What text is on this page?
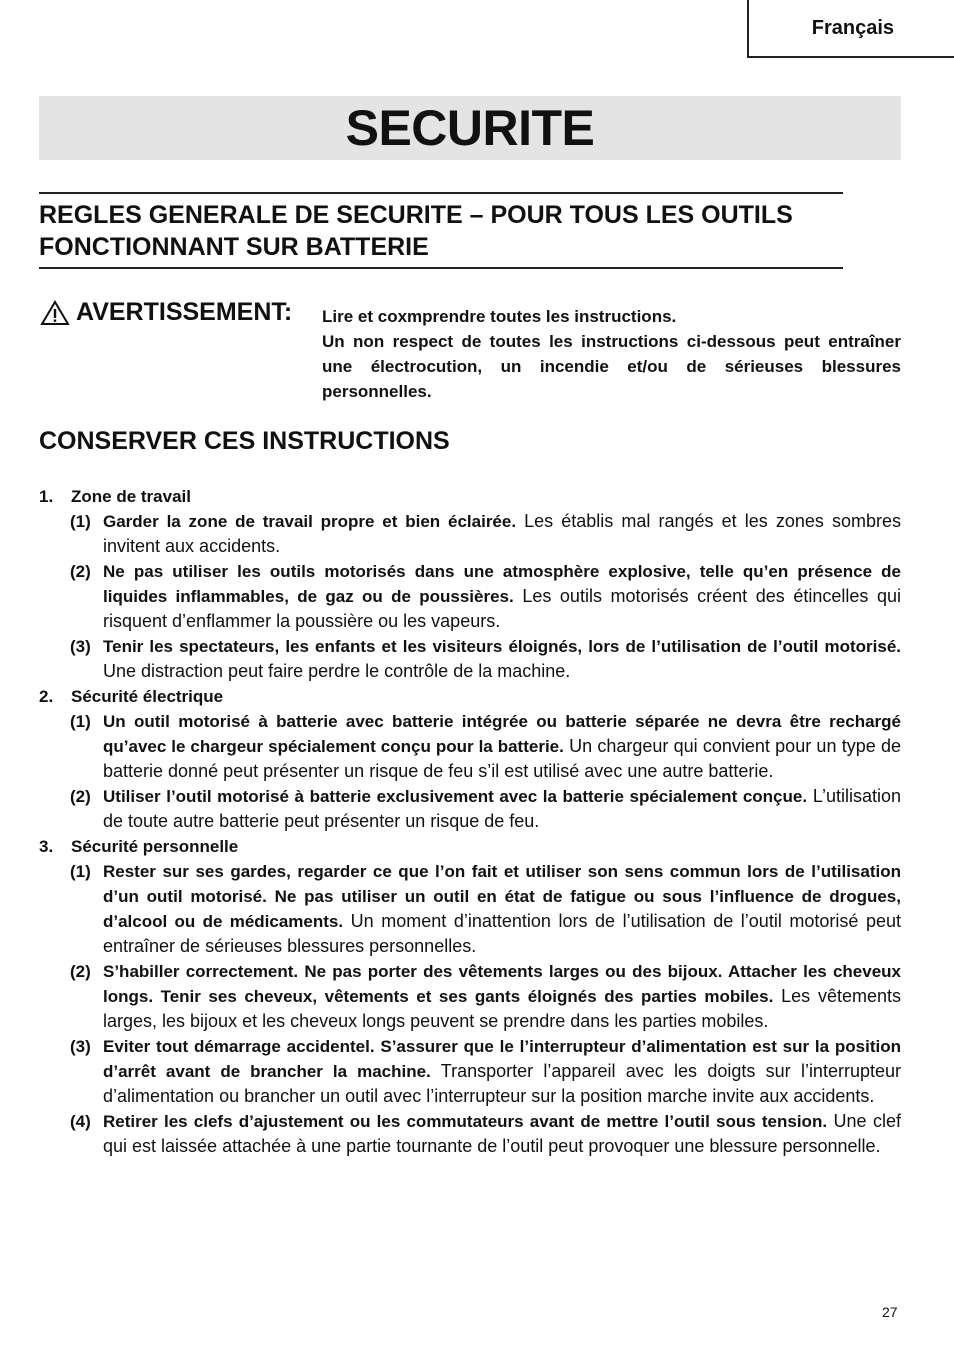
Français
SECURITE
REGLES GENERALE DE SECURITE – POUR TOUS LES OUTILS FONCTIONNANT SUR BATTERIE
AVERTISSEMENT: Lire et coxmprendre toutes les instructions.

Un non respect de toutes les instructions ci-dessous peut entraîner une électrocution, un incendie et/ou de sérieuses blessures personnelles.

CONSERVER CES INSTRUCTIONS
1. Zone de travail
(1) Garder la zone de travail propre et bien éclairée. Les établis mal rangés et les zones sombres invitent aux accidents.
(2) Ne pas utiliser les outils motorisés dans une atmosphère explosive, telle qu’en présence de liquides inflammables, de gaz ou de poussières. Les outils motorisés créent des étincelles qui risquent d’enflammer la poussière ou les vapeurs.
(3) Tenir les spectateurs, les enfants et les visiteurs éloignés, lors de l’utilisation de l’outil motorisé. Une distraction peut faire perdre le contrôle de la machine.
2. Sécurité électrique
(1) Un outil motorisé à batterie avec batterie intégrée ou batterie séparée ne devra être rechargé qu’avec le chargeur spécialement conçu pour la batterie. Un chargeur qui convient pour un type de batterie donné peut présenter un risque de feu s’il est utilisé avec une autre batterie.
(2) Utiliser l’outil motorisé à batterie exclusivement avec la batterie spécialement conçue. L’utilisation de toute autre batterie peut présenter un risque de feu.
3. Sécurité personnelle
(1) Rester sur ses gardes, regarder ce que l’on fait et utiliser son sens commun lors de l’utilisation d’un outil motorisé. Ne pas utiliser un outil en état de fatigue ou sous l’influence de drogues, d’alcool ou de médicaments. Un moment d’inattention lors de l’utilisation de l’outil motorisé peut entraîner de sérieuses blessures personnelles.
(2) S’habiller correctement. Ne pas porter des vêtements larges ou des bijoux. Attacher les cheveux longs. Tenir ses cheveux, vêtements et ses gants éloignés des parties mobiles. Les vêtements larges, les bijoux et les cheveux longs peuvent se prendre dans les parties mobiles.
(3) Eviter tout démarrage accidentel. S’assurer que le l’interrupteur d’alimentation est sur la position d’arrêt avant de brancher la machine. Transporter l’appareil avec les doigts sur l’interrupteur d’alimentation ou brancher un outil avec l’interrupteur sur la position marche invite aux accidents.
(4) Retirer les clefs d’ajustement ou les commutateurs avant de mettre l’outil sous tension. Une clef qui est laissée attachée à une partie tournante de l’outil peut provoquer une blessure personnelle.
27
